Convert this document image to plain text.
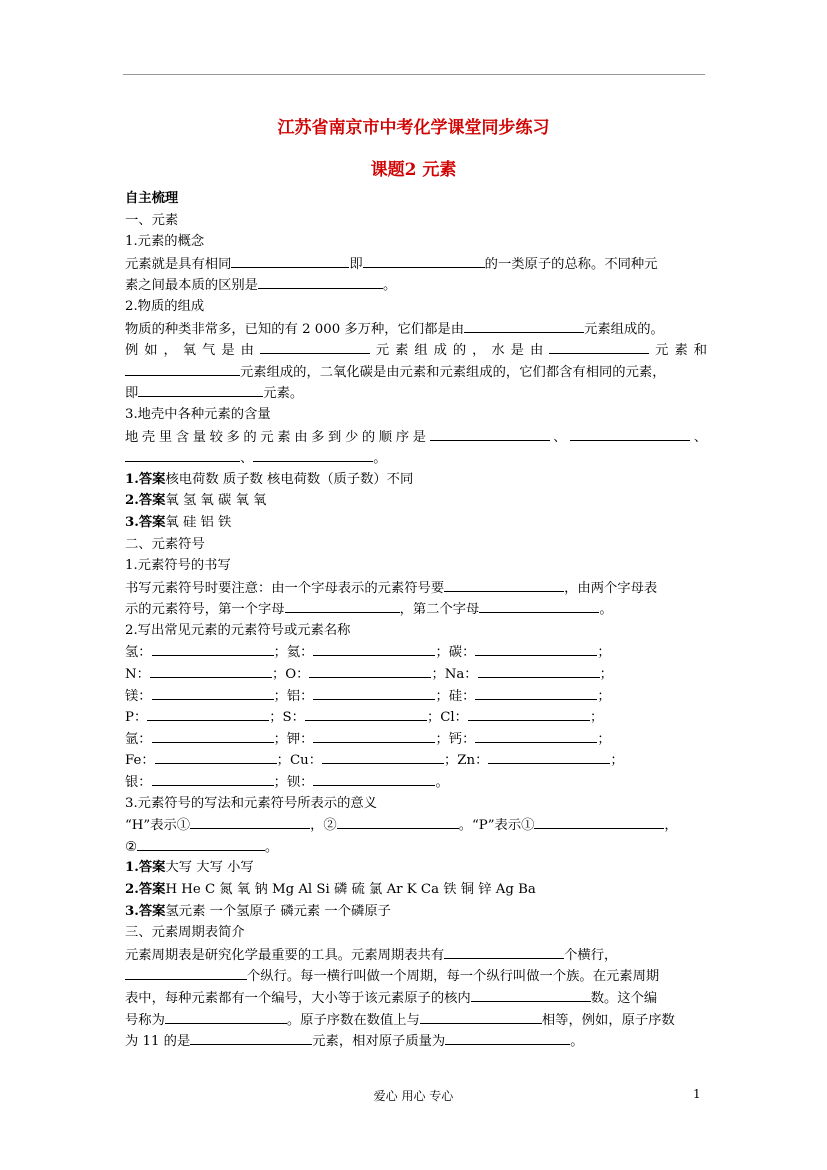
江苏省南京市中考化学课堂同步练习
课题2 元素
自主梳理
一、元素
1.元素的概念
元素就是具有相同	即	的一类原子的总称。不同种元
素之间最本质的区别是	。
2.物质的组成
物质的种类非常多，已知的有 2 000 多万种，它们都是由	元素组成的。
例如，氧气是由	元素组成的，水是由	元素和
元素组成的，二氧化碳是由元素和元素组成的，它们都含有相同的元素，
即	元素。
3.地壳中各种元素的含量
地壳里含量较多的元素由多到少的顺序是	、	、
、	。
1.答案核电荷数 质子数 核电荷数（质子数）不同
2.答案氧 氢 氧 碳 氧 氧
3.答案氧 硅 铝 铁
二、元素符号
1.元素符号的书写
书写元素符号时要注意：由一个字母表示的元素符号要	，由两个字母表
示的元素符号，第一个字母	，第二个字母	。
2.写出常见元素的元素符号或元素名称
氢：	；氦：	；碳：	；
N：	；O：	；Na：	；
镁：	；铝：	；硅：	；
P：	；S：	；Cl：	；
氩：	；钾：	；钙：	；
Fe：	；Cu：	；Zn：	；
银：	；钡：	。
3.元素符号的写法和元素符号所表示的意义
“H”表示①	，②	。“P”表示①	，
②	。
1.答案大写 大写 小写
2.答案H He C 氮 氧 钠 Mg Al Si 磷 硫 氯 Ar K Ca 铁 铜 锌 Ag Ba
3.答案氢元素 一个氢原子 磷元素 一个磷原子
三、元素周期表简介
元素周期表是研究化学最重要的工具。元素周期表共有	个横行，
个纵行。每一横行叫做一个周期，每一个纵行叫做一个族。在元素周期
表中，每种元素都有一个编号，大小等于该元素原子的核内	数。这个编
号称为	。原子序数在数值上与	相等，例如，原子序数
为 11 的是	元素，相对原子质量为	。
爱心 用心 专心	1
